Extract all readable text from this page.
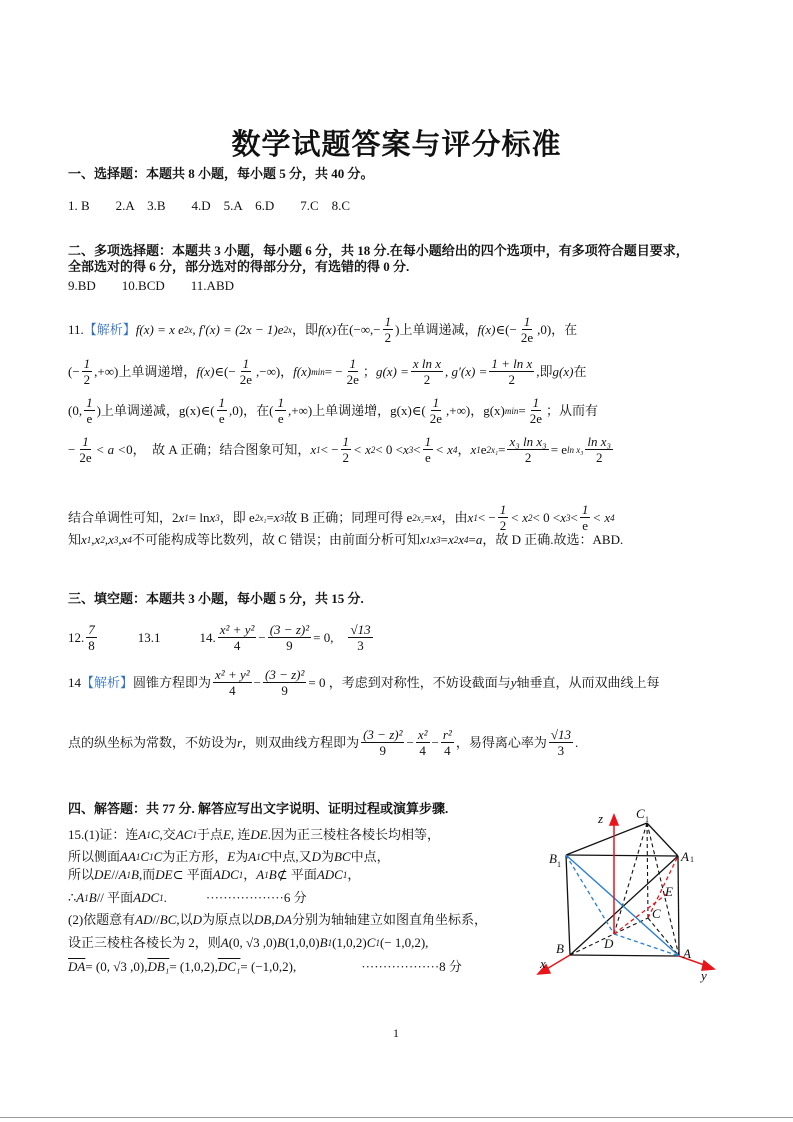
数学试题答案与评分标准
一、选择题：本题共 8 小题，每小题 5 分，共 40 分。
1. B　　2.A　3.B　　4.D　5.A　6.D　　7.C　8.C
二、多项选择题：本题共 3 小题，每小题 6 分，共 18 分.在每小题给出的四个选项中，有多项符合题目要求，
全部选对的得 6 分，部分选对的得部分分，有选错的得 0 分.
9.BD　　10.BCD　　11.ABD
11. 【解析】 f(x) = x e 2x , f′(x) = (2x − 1)e 2x ，即 f(x) 在(−∞,− $\frac{1}{2}$ )上单调递减， f(x) ∈(− $\frac{1}{2e} ,0$)，在
(− $\frac{1}{2}$ ,+∞)上单调递增， f(x) ∈(− $\frac{1}{2e}$ ,−∞)， f(x) min = − $\frac{1}{2e}$ ； $g(x) = \frac{\text{x ln x}}{2}$ , $g'(x) = \frac{\text{1 + ln x}}{2}$ ,即 g(x) 在
(0, $\frac{1}{e}$ )上单调递减，g(x)∈( $\frac{1}{e} ,0$)，在( $\frac{1}{e}$ ,+∞)上单调递增，g(x)∈( $\frac{1}{2e}$ ,+∞)，g(x) $\min = \frac{1}{2e}$ ；从而有
− $\frac{1}{2e} < a < 0$，　故 A 正确；结合图象可知， x 1 < − $\frac{1}{2} < x$ 2 < 0 < x $3 < \frac{1}{e} < x$ 4 ， x 1 e $2x_1 = \frac{\text{x₃ ln x₃}}{2} = e$ $\ln x_3 \frac{\text{ln x₃}}{2}$
结合单调性可知，2 x 1 = ln x 3 ，即 e 2x₁ = x 3 故 B 正确；同理可得 e 2x₂ = x 4 ，由 x 1 < − $\frac{1}{2} < x$ 2 < 0 < x $3 < \frac{1}{e} < x$ 4
知 x 1 , x 2 , x 3 , x 4 不可能构成等比数列，故 C 错误；由前面分析可知 x 1 x 3 = x 2 x 4 = a ，故 D 正确.故选：ABD.
三、填空题：本题共 3 小题，每小题 5 分，共 15 分.
12. $\frac{7}{8}$ 　　　13.1　　　14. $\frac{\text{x² + y²}}{4} - \frac{\text{(3 − z)²}}{9} = 0$,　 $\frac{√13}{3}$
14 【解析】 圆锥方程即为 $\frac{\text{x² + y²}}{4} - \frac{\text{(3 − z)²}}{9} = 0$ ，考虑到对称性，不妨设截面与 y 轴垂直，从而双曲线上每
点的纵坐标为常数，不妨设为 r ，则双曲线方程即为 $\frac{\text{(3 − z)²}}{9} - \frac{\text{x²}}{4} - \frac{\text{r²}}{4}$ ，易得离心率为 $\frac{√13}{3}$ .
四、解答题：共 77 分. 解答应写出文字说明、证明过程或演算步骤.
15.(1)证：连 A 1 C ,交 AC 1 于点 E , 连 DE .因为正三棱柱各棱长均相等，
所以侧面 AA 1 C 1 C 为正方形， E 为 A 1 C 中点,又 D 为 BC 中点，
所以 DE // A 1 B ,而 DE ⊂ 平面 ADC 1 ， A 1 B ⊄ 平面 ADC 1 ，
∴ A 1 B // 平面 ADC 1 .　　　··················6 分
(2)依题意有 AD // BC ,以 D 为原点以 DB , DA 分别为轴轴建立如图直角坐标系，
设正三棱柱各棱长为 2，则 A (0, √3 ,0) B (1,0,0) B 1 (1,0,2) C 1 (− 1,0,2),
$\overline{DA} = (0$, √3 ,0), DB₁ = (1,0,2), DC₁ = (−1,0,2),　　　　　··················8 分
z	C 1
B 1
A 1
E
C
D
B	A
x
y
1
